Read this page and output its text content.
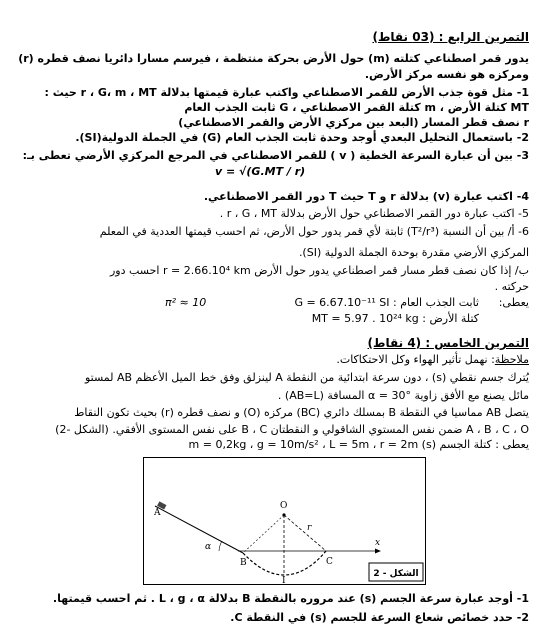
التمرين الرابع : (03 نقاط)
يدور قمر اصطناعي كتلته (m) حول الأرض بحركة منتظمة ، فيرسم مسارا دائريا نصف قطره (r)
ومركزه هو نفسه مركز الأرض.
1- مثل قوة جذب الأرض للقمر الاصطناعي واكتب عبارة قيمتها بدلالة r ، G، m ، MT حيث :
MT كتلة الأرض ، m كتلة القمر الاصطناعي ، G ثابت الجذب العام
r نصف قطر المسار (البعد بين مركزي الأرض والقمر الاصطناعي)
2- باستعمال التحليل البعدي أوجد وحدة ثابت الجذب العام (G) في الجملة الدولية(SI).
3- بين أن عبارة السرعة الخطية ( v ) للقمر الاصطناعي في المرجع المركزي الأرضي تعطى بـ:
v = √(G.MT / r)
4- اكتب عبارة (v) بدلالة r و T حيث T دور القمر الاصطناعي.
5- اكتب عبارة دور القمر الاصطناعي حول الأرض بدلالة r ، G ، MT .
6- أ/ بين أن النسبة (T²/r³) ثابتة لأي قمر يدور حول الأرض، ثم احسب قيمتها العددية في المعلم
المركزي الأرضي مقدرة بوحدة الجملة الدولية (SI).
ب/ إذا كان نصف قطر مسار قمر اصطناعي يدور حول الأرض r = 2.66.10⁴ km احسب دور
حركته .
يعطى:
ثابت الجذب العام : G = 6.67.10⁻¹¹ SI
π² ≈ 10
كتلة الأرض : MT = 5.97 . 10²⁴ kg
التمرين الخامس : (4 نقاط)
ملاحظة: نهمل تأثير الهواء وكل الاحتكاكات.
يُترك جسم نقطي (s) ، دون سرعة ابتدائية من النقطة A لينزلق وفق خط الميل الأعظم AB لمستو
مائل يصنع مع الأفق زاوية α = 30° المسافة (AB=L) .
يتصل AB مماسيا في النقطة B بمسلك دائري (BC) مركزه (O) و نصف قطره (r) بحيث تكون النقاط
A ، B ، C ، O ضمن نفس المستوي الشاقولي و النقطتان B ، C على نفس المستوى الأفقي. (الشكل -2)
يعطى : كتلة الجسم (s) m = 0,2kg ، g = 10m/s² ، L = 5m ، r = 2m
A
B	C
O
I
α
r
x
الشكل - 2
1- أوجد عبارة سرعة الجسم (s) عند مروره بالنقطة B بدلالة L ، g ، α . ثم احسب قيمتها.
2- حدد خصائص شعاع السرعة للجسم (s) في النقطة C.
